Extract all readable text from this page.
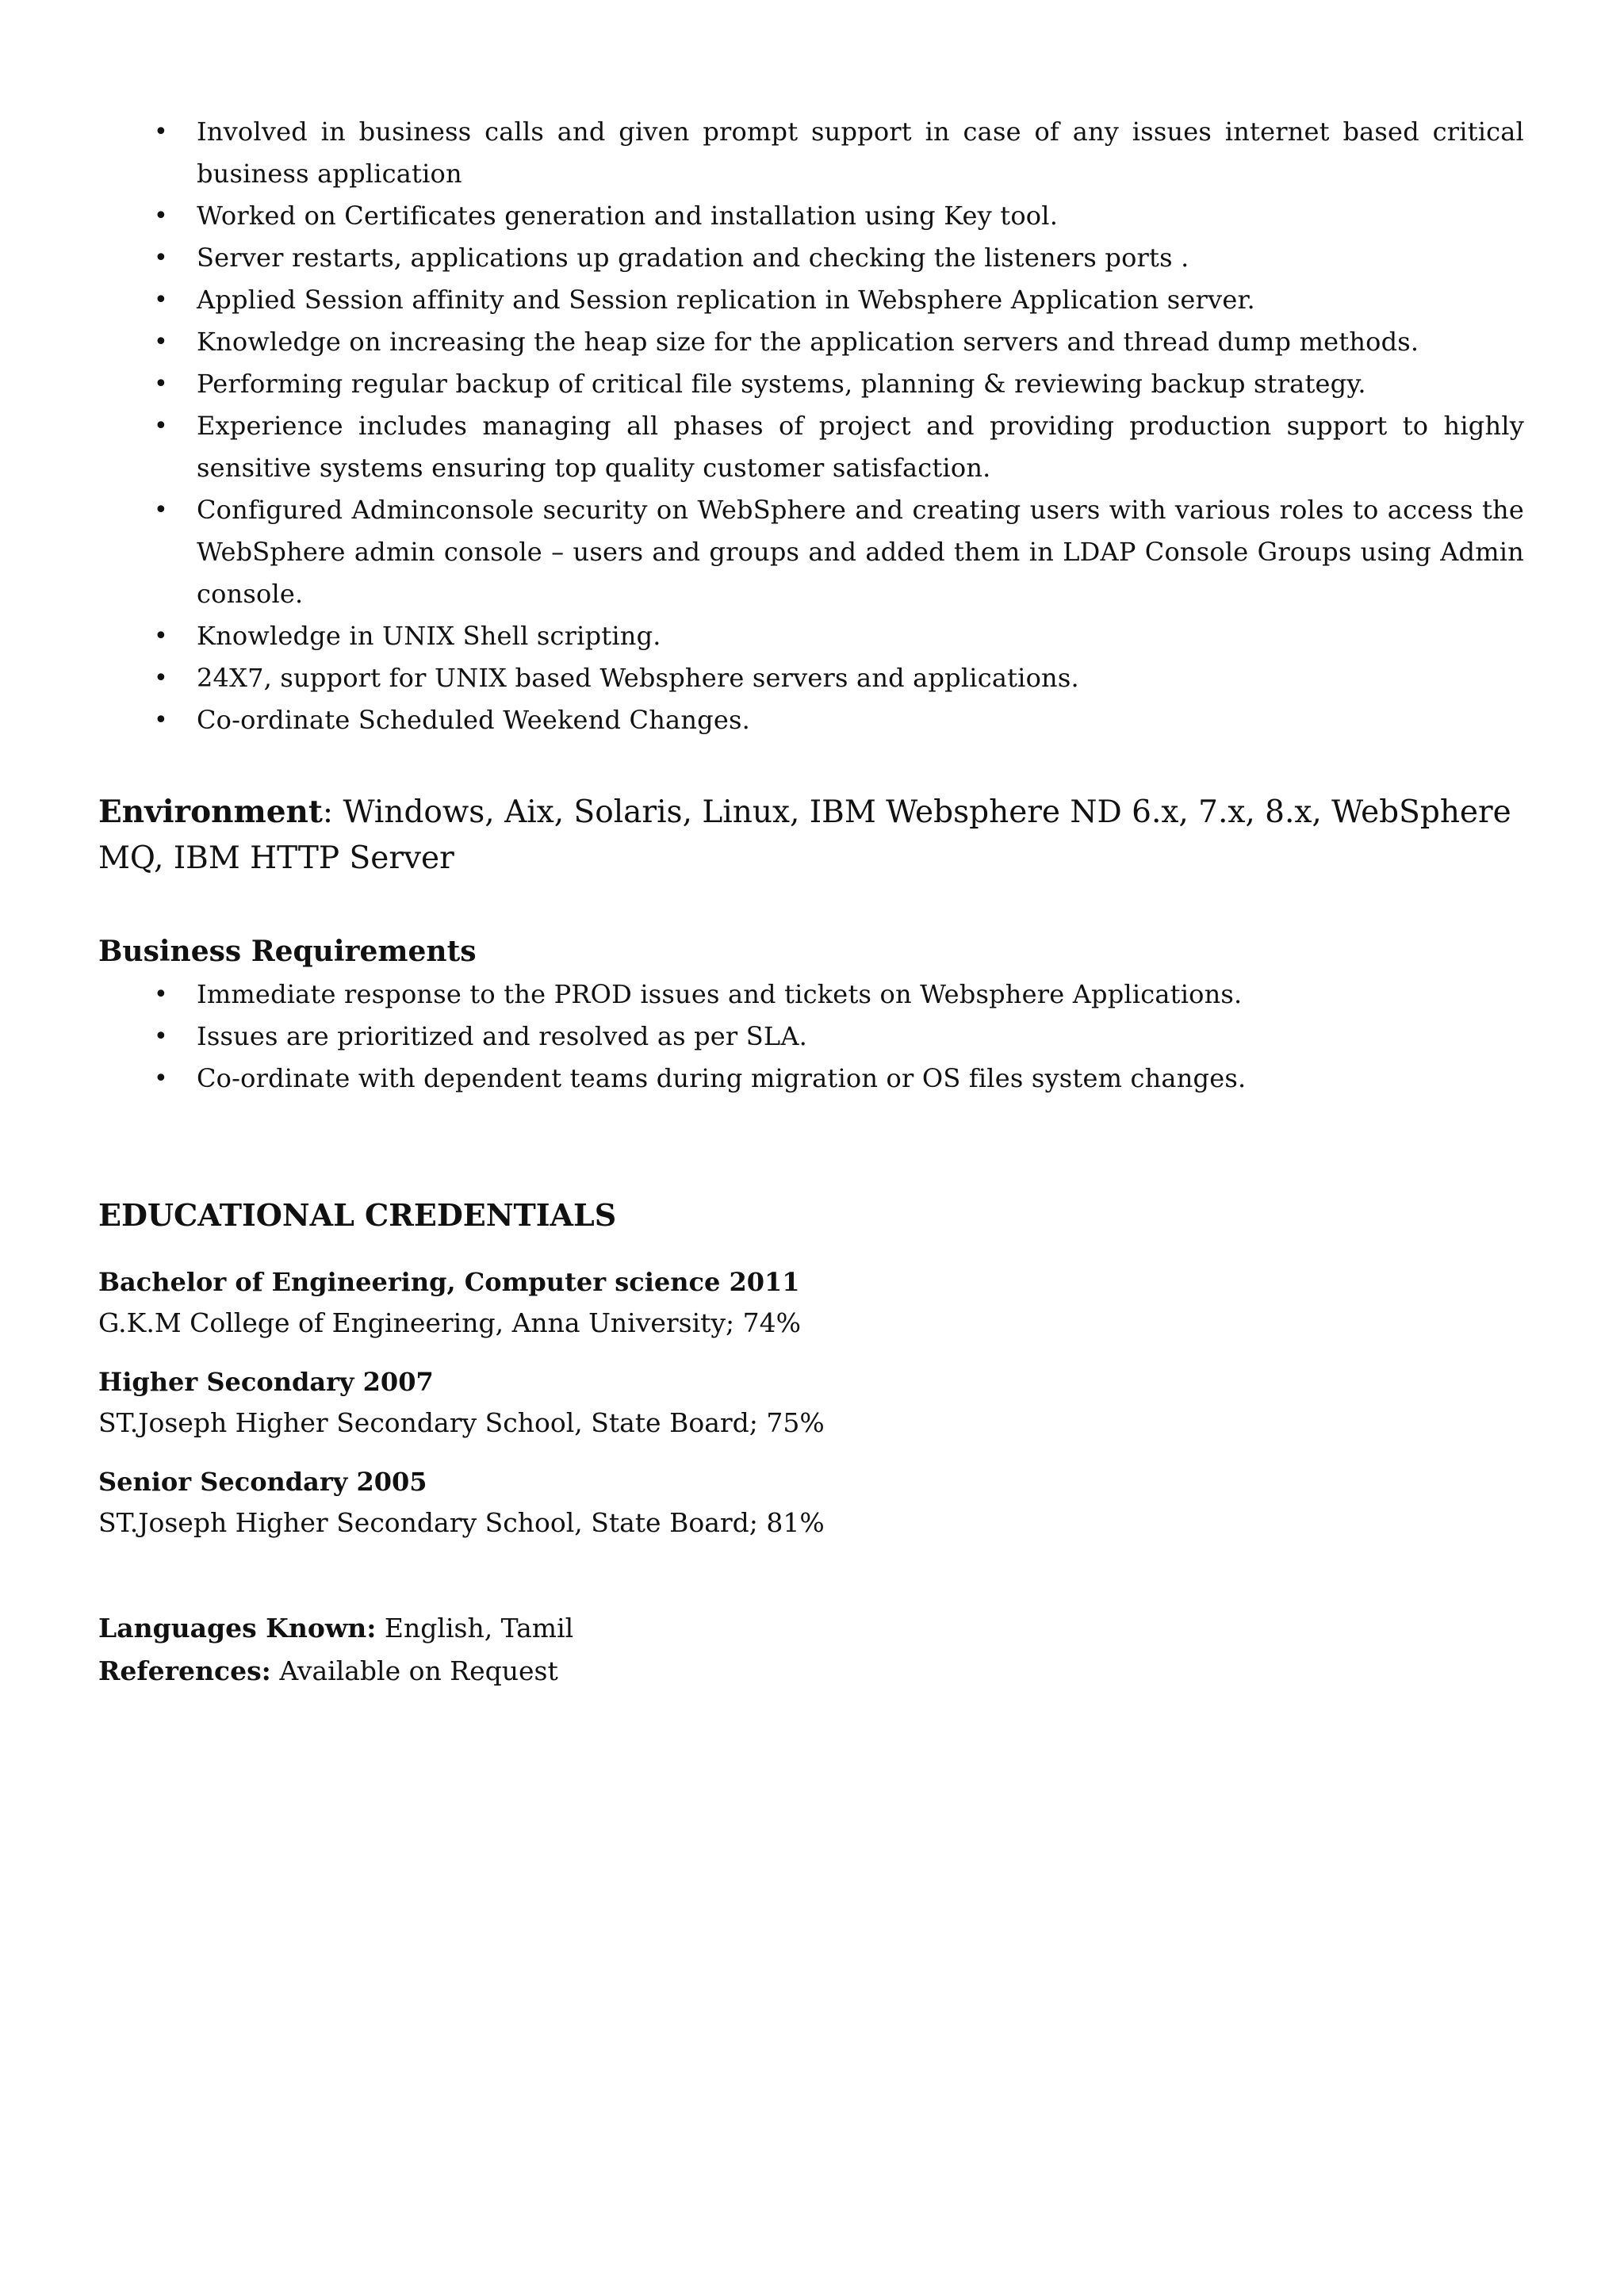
• Involved in business calls and given prompt support in case of any issues internet based critical business application
• Worked on Certificates generation and installation using Key tool.
• Server restarts, applications up gradation and checking the listeners ports .
• Applied Session affinity and Session replication in Websphere Application server.
• Knowledge on increasing the heap size for the application servers and thread dump methods.
• Performing regular backup of critical file systems, planning & reviewing backup strategy.
• Experience includes managing all phases of project and providing production support to highly sensitive systems ensuring top quality customer satisfaction.
• Configured Adminconsole security on WebSphere and creating users with various roles to access the WebSphere admin console – users and groups and added them in LDAP Console Groups using Admin console.
• Knowledge in UNIX Shell scripting.
• 24X7, support for UNIX based Websphere servers and applications.
• Co-ordinate Scheduled Weekend Changes.
Environment: Windows, Aix, Solaris, Linux, IBM Websphere ND 6.x, 7.x, 8.x, WebSphere MQ, IBM HTTP Server
Business Requirements
• Immediate response to the PROD issues and tickets on Websphere Applications.
• Issues are prioritized and resolved as per SLA.
• Co-ordinate with dependent teams during migration or OS files system changes.
EDUCATIONAL CREDENTIALS
Bachelor of Engineering, Computer science 2011
G.K.M College of Engineering, Anna University; 74%
Higher Secondary 2007
ST.Joseph Higher Secondary School, State Board; 75%
Senior Secondary 2005
ST.Joseph Higher Secondary School, State Board; 81%
Languages Known: English, Tamil
References: Available on Request
